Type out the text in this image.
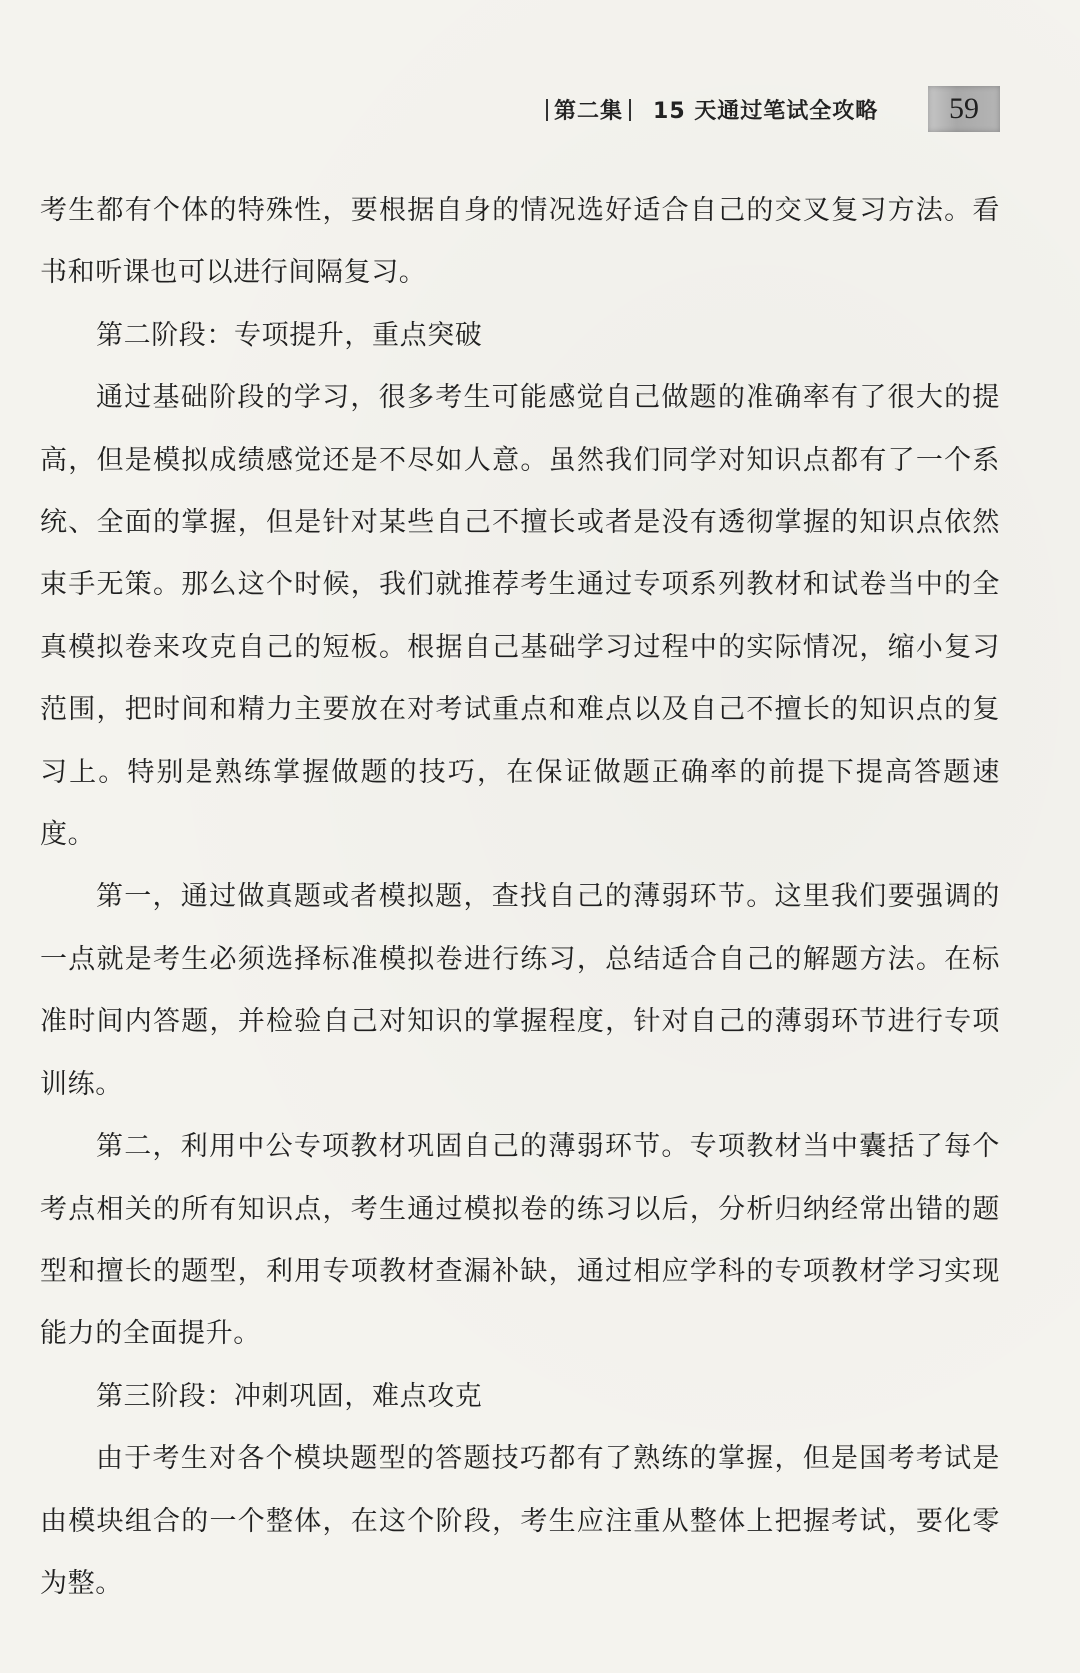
第二集 15 天通过笔试全攻略	59

考生都有个体的特殊性，要根据自身的情况选好适合自己的交叉复习方法。看书和听课也可以进行间隔复习。

第二阶段：专项提升，重点突破

通过基础阶段的学习，很多考生可能感觉自己做题的准确率有了很大的提高，但是模拟成绩感觉还是不尽如人意。虽然我们同学对知识点都有了一个系统、全面的掌握，但是针对某些自己不擅长或者是没有透彻掌握的知识点依然束手无策。那么这个时候，我们就推荐考生通过专项系列教材和试卷当中的全真模拟卷来攻克自己的短板。根据自己基础学习过程中的实际情况，缩小复习范围，把时间和精力主要放在对考试重点和难点以及自己不擅长的知识点的复习上。特别是熟练掌握做题的技巧，在保证做题正确率的前提下提高答题速度。

第一，通过做真题或者模拟题，查找自己的薄弱环节。这里我们要强调的一点就是考生必须选择标准模拟卷进行练习，总结适合自己的解题方法。在标准时间内答题，并检验自己对知识的掌握程度，针对自己的薄弱环节进行专项训练。

第二，利用中公专项教材巩固自己的薄弱环节。专项教材当中囊括了每个考点相关的所有知识点，考生通过模拟卷的练习以后，分析归纳经常出错的题型和擅长的题型，利用专项教材查漏补缺，通过相应学科的专项教材学习实现能力的全面提升。

第三阶段：冲刺巩固，难点攻克

由于考生对各个模块题型的答题技巧都有了熟练的掌握，但是国考考试是由模块组合的一个整体，在这个阶段，考生应注重从整体上把握考试，要化零为整。
